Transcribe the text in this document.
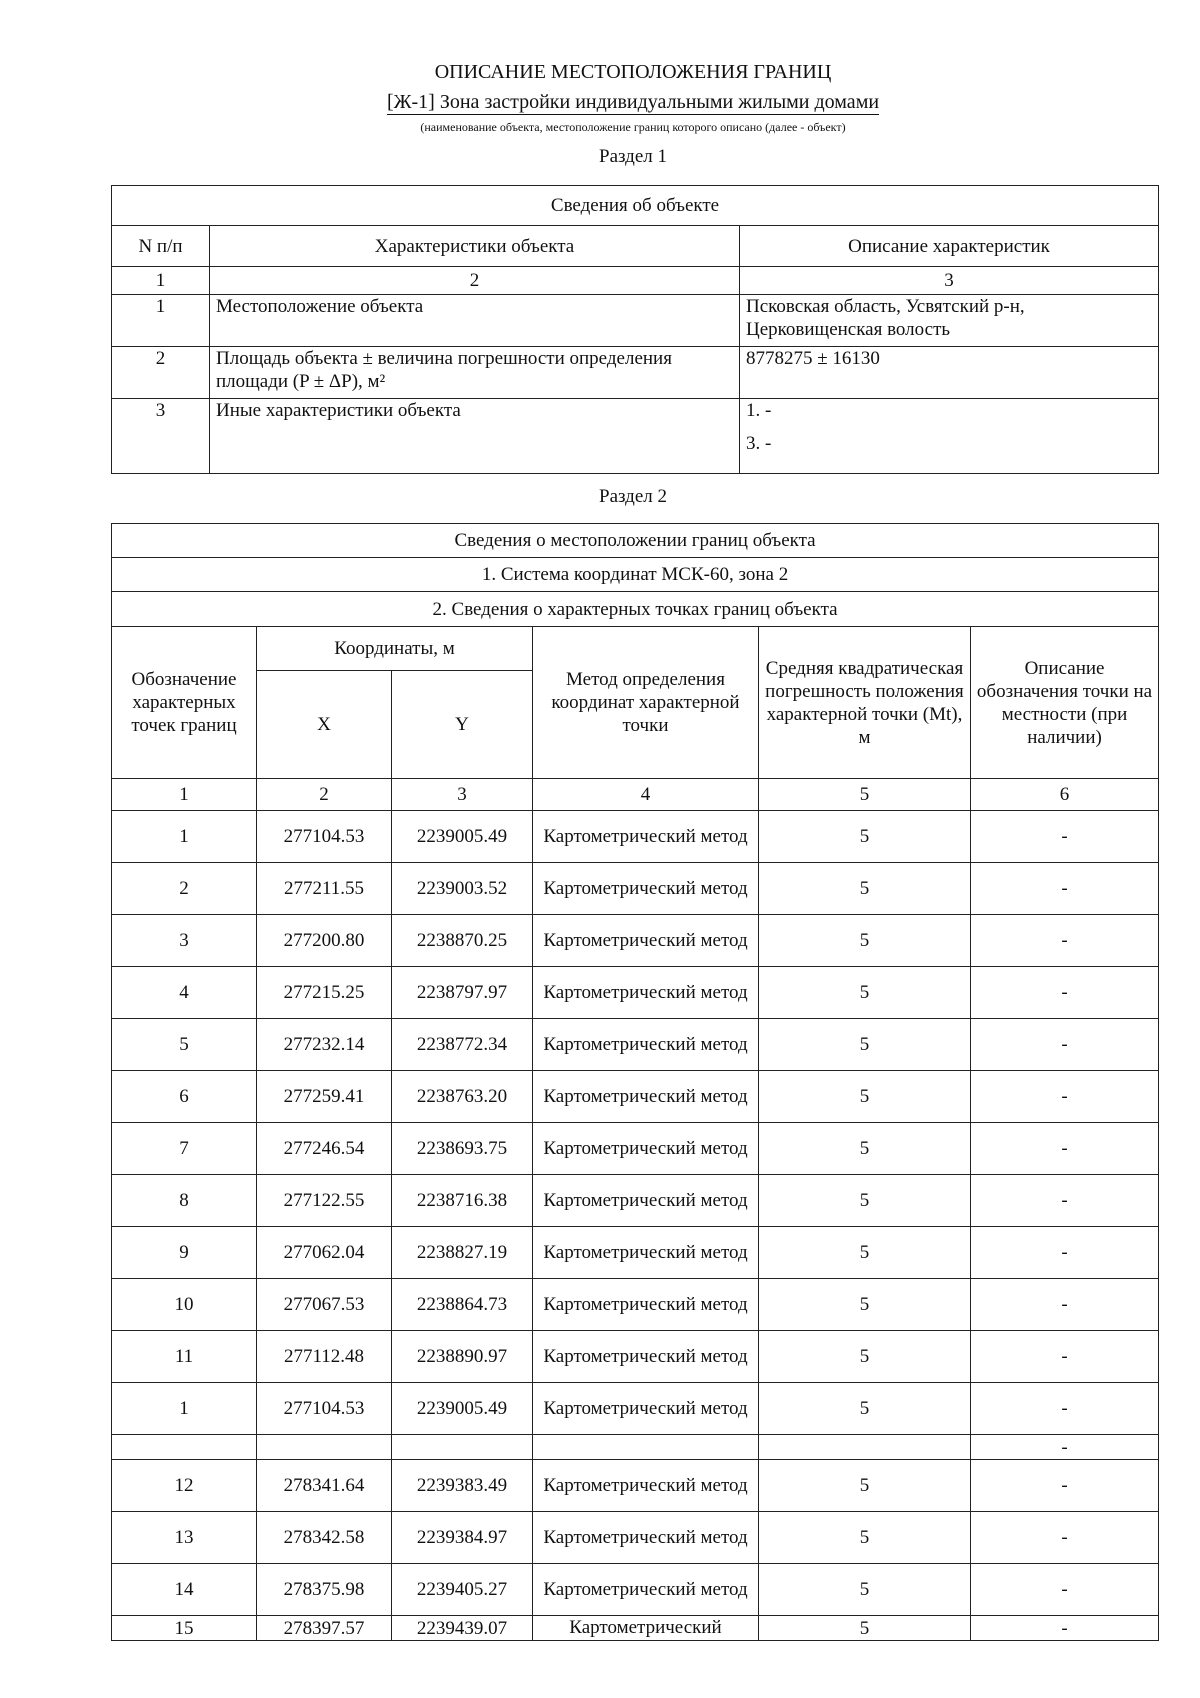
ОПИСАНИЕ МЕСТОПОЛОЖЕНИЯ ГРАНИЦ
[Ж-1] Зона застройки индивидуальными жилыми домами
(наименование объекта, местоположение границ которого описано (далее - объект)
Раздел 1
Сведения об объекте		
N п/п	Характеристики объекта	Описание характеристик
1	2	3
1	Местоположение объекта	Псковская область, Усвятский р-н, Церковищенская волость
2	Площадь объекта ± величина погрешности определения площади (P ± ΔP), м²	8778275 ± 16130
3	Иные характеристики объекта	1. -
3. -
Раздел 2
Сведения о местоположении границ объекта					
1. Система координат МСК-60, зона 2					
2. Сведения о характерных точках границ объекта					
Обозначение характерных точек границ	Координаты, м		Метод определения координат характерной точки	Средняя квадратическая погрешность положения характерной точки (Mt), м	Описание обозначения точки на местности (при наличии)
	X	Y			
1	2	3	4	5	6
1	277104.53	2239005.49	Картометрический метод	5	-
2	277211.55	2239003.52	Картометрический метод	5	-
3	277200.80	2238870.25	Картометрический метод	5	-
4	277215.25	2238797.97	Картометрический метод	5	-
5	277232.14	2238772.34	Картометрический метод	5	-
6	277259.41	2238763.20	Картометрический метод	5	-
7	277246.54	2238693.75	Картометрический метод	5	-
8	277122.55	2238716.38	Картометрический метод	5	-
9	277062.04	2238827.19	Картометрический метод	5	-
10	277067.53	2238864.73	Картометрический метод	5	-
11	277112.48	2238890.97	Картометрический метод	5	-
1	277104.53	2239005.49	Картометрический метод	5	-
					-
12	278341.64	2239383.49	Картометрический метод	5	-
13	278342.58	2239384.97	Картометрический метод	5	-
14	278375.98	2239405.27	Картометрический метод	5	-
15	278397.57	2239439.07	Картометрический	5	-
